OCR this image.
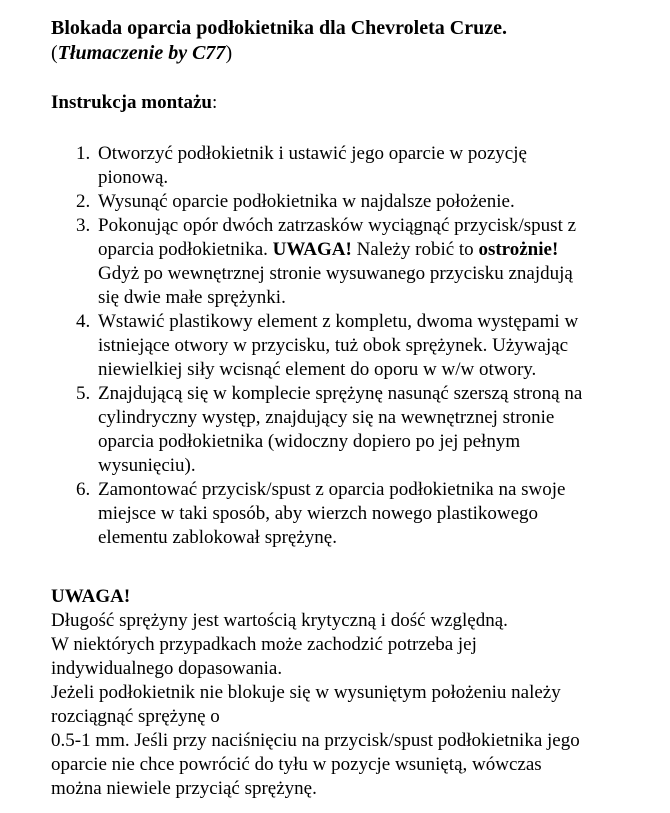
Blokada oparcia podłokietnika dla Chevroleta Cruze.
(Tłumaczenie by C77)
Instrukcja montażu:
1. Otworzyć podłokietnik i ustawić jego oparcie w pozycję
pionową.
2. Wysunąć oparcie podłokietnika w najdalsze położenie.
3. Pokonując opór dwóch zatrzasków wyciągnąć przycisk/spust z
oparcia podłokietnika. UWAGA! Należy robić to ostrożnie!
Gdyż po wewnętrznej stronie wysuwanego przycisku znajdują
się dwie małe sprężynki.
4. Wstawić plastikowy element z kompletu, dwoma występami w
istniejące otwory w przycisku, tuż obok sprężynek. Używając
niewielkiej siły wcisnąć element do oporu w w/w otwory.
5. Znajdującą się w komplecie sprężynę nasunąć szerszą stroną na
cylindryczny występ, znajdujący się na wewnętrznej stronie
oparcia podłokietnika (widoczny dopiero po jej pełnym
wysunięciu).
6. Zamontować przycisk/spust z oparcia podłokietnika na swoje
miejsce w taki sposób, aby wierzch nowego plastikowego
elementu zablokował sprężynę.
UWAGA!
Długość sprężyny jest wartością krytyczną i dość względną.
W niektórych przypadkach może zachodzić potrzeba jej
indywidualnego dopasowania.
Jeżeli podłokietnik nie blokuje się w wysuniętym położeniu należy
rozciągnąć sprężynę o
0.5-1 mm. Jeśli przy naciśnięciu na przycisk/spust podłokietnika jego
oparcie nie chce powrócić do tyłu w pozycje wsuniętą, wówczas
można niewiele przyciąć sprężynę.
